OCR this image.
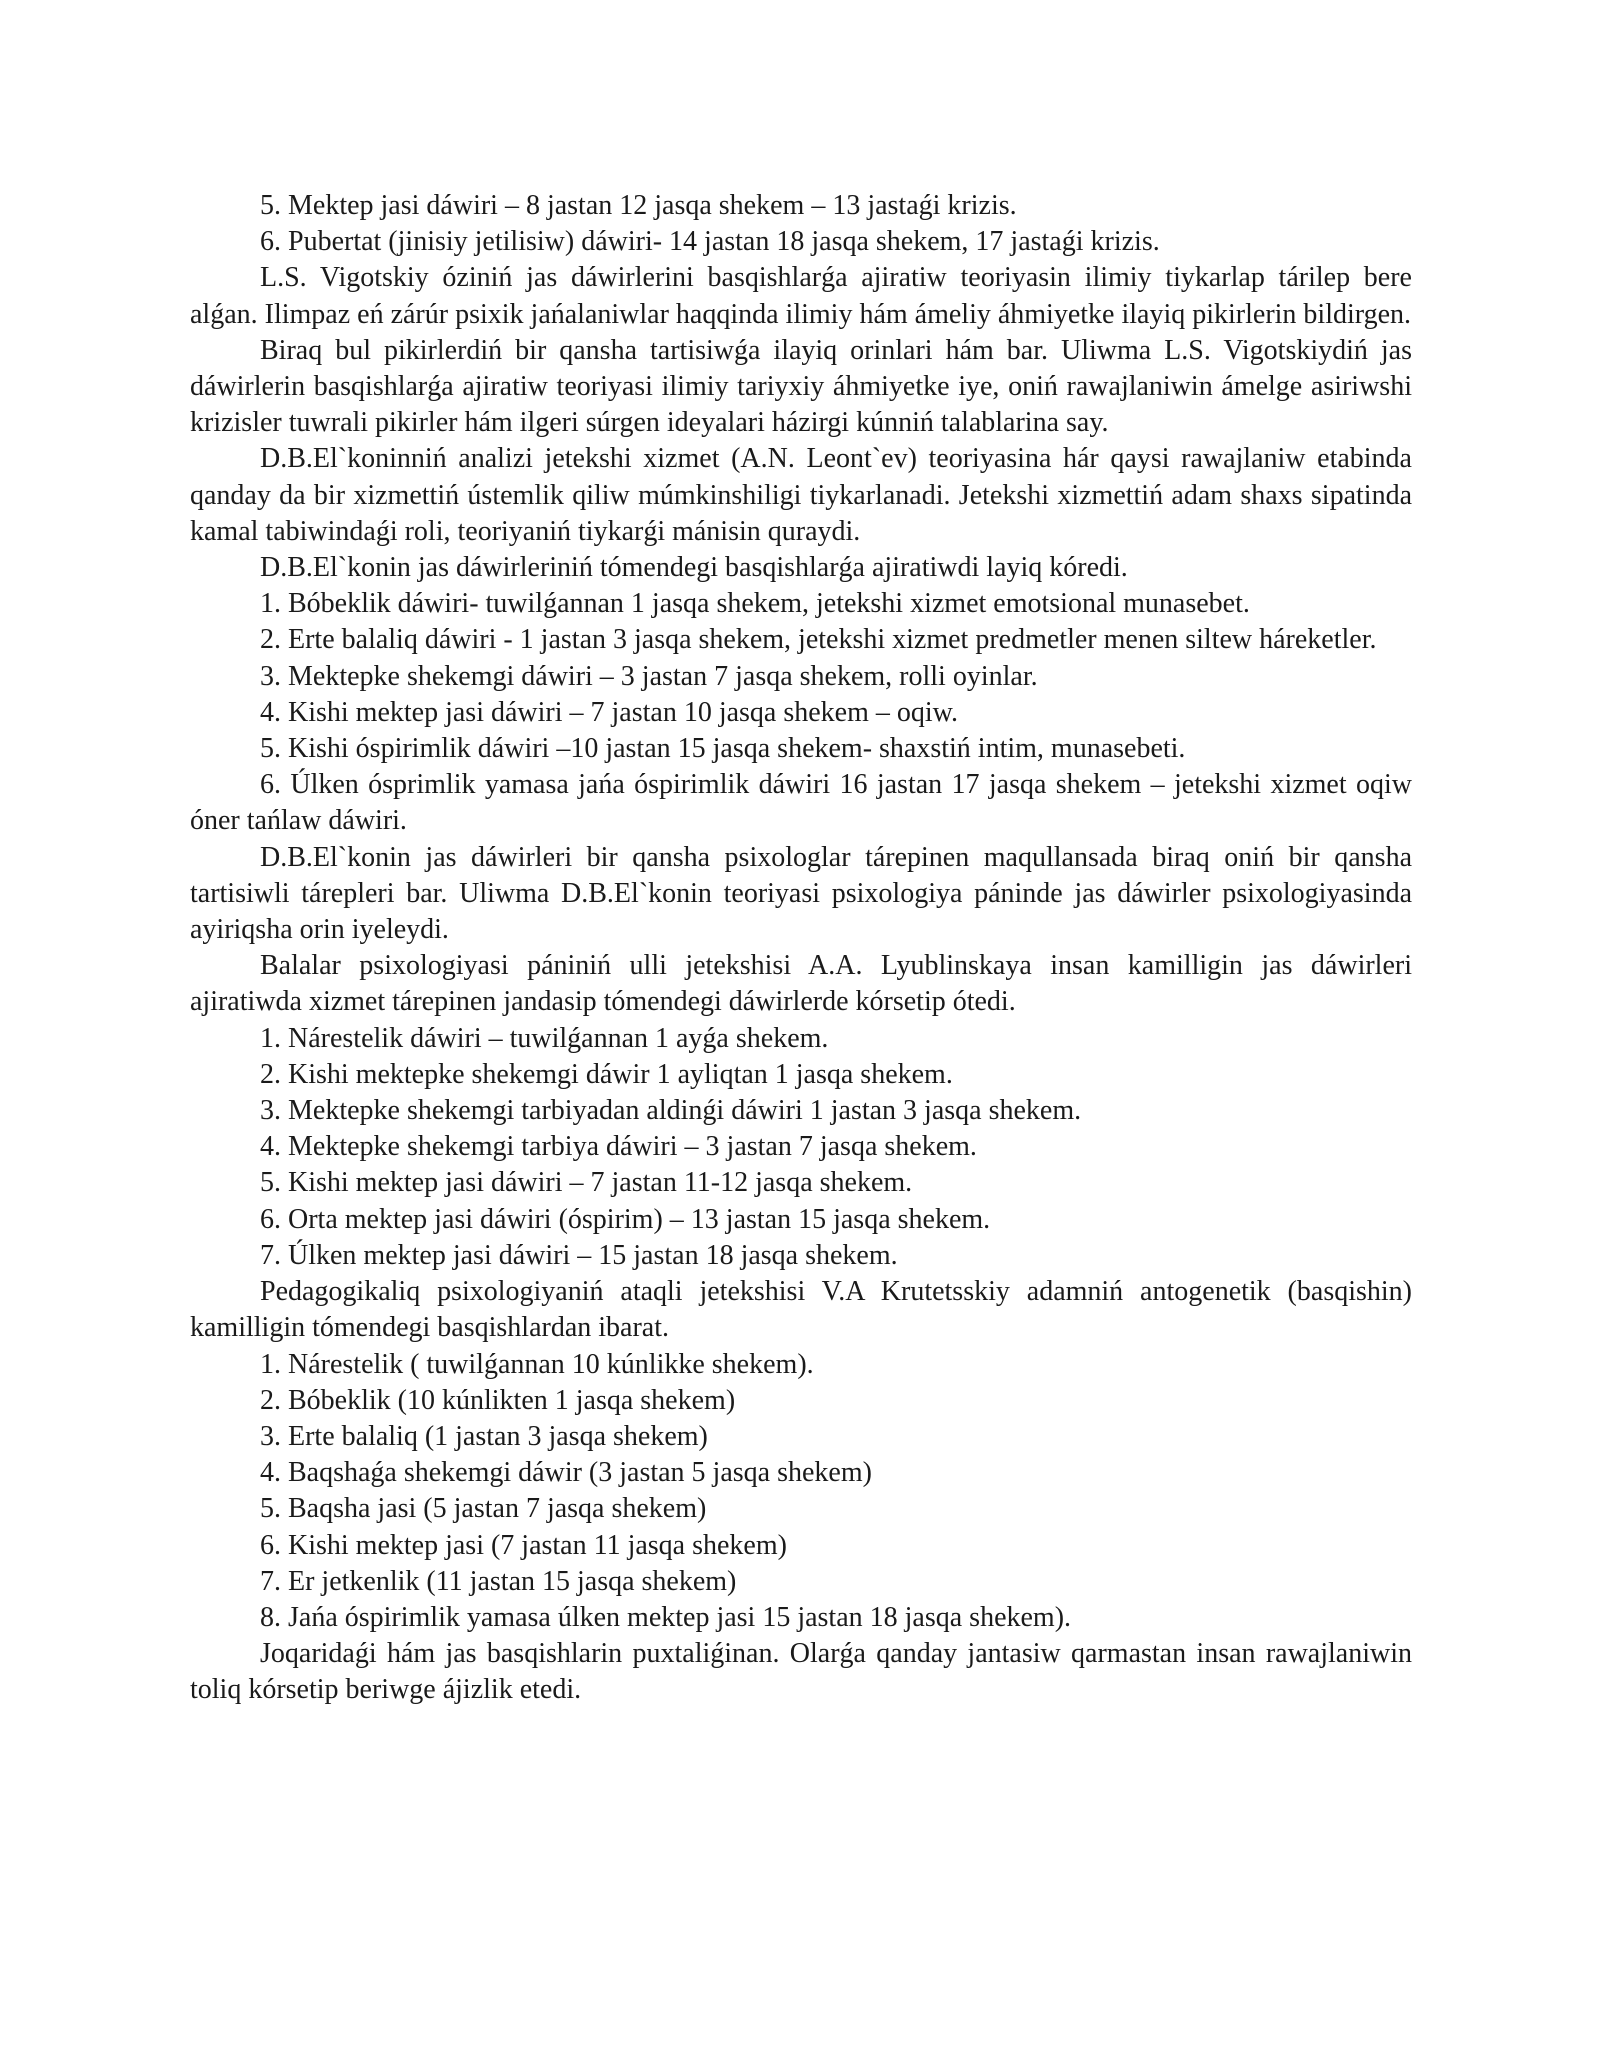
5. Mektep jasi dáwiri – 8 jastan 12 jasqa shekem – 13 jastaǵi krizis.

6. Pubertat (jinisiy jetilisiw) dáwiri- 14 jastan 18 jasqa shekem, 17 jastaǵi krizis.

L.S. Vigotskiy óziniń jas dáwirlerini basqishlarǵa ajiratiw teoriyasin ilimiy tiykarlap tárilep bere alǵan. Ilimpaz eń zárúr psixik jańalaniwlar haqqinda ilimiy hám ámeliy áhmiyetke ilayiq pikirlerin bildirgen.

Biraq bul pikirlerdiń bir qansha tartisiwǵa ilayiq orinlari hám bar. Uliwma L.S. Vigotskiydiń jas dáwirlerin basqishlarǵa ajiratiw teoriyasi ilimiy tariyxiy áhmiyetke iye, oniń rawajlaniwin ámelge asiriwshi krizisler tuwrali pikirler hám ilgeri súrgen ideyalari házirgi kúnniń talablarina say.

D.B.El`koninniń analizi jetekshi xizmet (A.N. Leont`ev) teoriyasina hár qaysi rawajlaniw etabinda qanday da bir xizmettiń ústemlik qiliw múmkinshiligi tiykarlanadi. Jetekshi xizmettiń adam shaxs sipatinda kamal tabiwindaǵi roli, teoriyaniń tiykarǵi mánisin quraydi.

D.B.El`konin jas dáwirleriniń tómendegi basqishlarǵa ajiratiwdi layiq kóredi.

1. Bóbeklik dáwiri- tuwilǵannan 1 jasqa shekem, jetekshi xizmet emotsional munasebet.

2. Erte balaliq dáwiri - 1 jastan 3 jasqa shekem, jetekshi xizmet predmetler menen siltew háreketler.

3. Mektepke shekemgi dáwiri – 3 jastan 7 jasqa shekem, rolli oyinlar.

4. Kishi mektep jasi dáwiri – 7 jastan 10 jasqa shekem – oqiw.

5. Kishi óspirimlik dáwiri –10 jastan 15 jasqa shekem- shaxstiń intim, munasebeti.

6. Úlken ósprimlik yamasa jańa óspirimlik dáwiri 16 jastan 17 jasqa shekem – jetekshi xizmet oqiw óner tańlaw dáwiri.

D.B.El`konin jas dáwirleri bir qansha psixologlar tárepinen maqullansada biraq oniń bir qansha tartisiwli tárepleri bar. Uliwma D.B.El`konin teoriyasi psixologiya páninde jas dáwirler psixologiyasinda ayiriqsha orin iyeleydi.

Balalar psixologiyasi pániniń ulli jetekshisi A.A. Lyublinskaya insan kamilligin jas dáwirleri ajiratiwda xizmet tárepinen jandasip tómendegi dáwirlerde kórsetip ótedi.

1. Nárestelik dáwiri – tuwilǵannan 1 ayǵa shekem.

2. Kishi mektepke shekemgi dáwir 1 ayliqtan 1 jasqa shekem.

3. Mektepke shekemgi tarbiyadan aldinǵi dáwiri 1 jastan 3 jasqa shekem.

4. Mektepke shekemgi tarbiya dáwiri – 3 jastan 7 jasqa shekem.

5. Kishi mektep jasi dáwiri – 7 jastan 11-12 jasqa shekem.

6. Orta mektep jasi dáwiri (óspirim) – 13 jastan 15 jasqa shekem.

7. Úlken mektep jasi dáwiri – 15 jastan 18 jasqa shekem.

Pedagogikaliq psixologiyaniń ataqli jetekshisi V.A Krutetsskiy adamniń antogenetik (basqishin) kamilligin tómendegi basqishlardan ibarat.

1. Nárestelik ( tuwilǵannan 10 kúnlikke shekem).

2. Bóbeklik (10 kúnlikten 1 jasqa shekem)

3. Erte balaliq (1 jastan 3 jasqa shekem)

4. Baqshaǵa shekemgi dáwir (3 jastan 5 jasqa shekem)

5. Baqsha jasi (5 jastan 7 jasqa shekem)

6. Kishi mektep jasi (7 jastan 11 jasqa shekem)

7. Er jetkenlik (11 jastan 15 jasqa shekem)

8. Jańa óspirimlik yamasa úlken mektep jasi 15 jastan 18 jasqa shekem).

Joqaridaǵi hám jas basqishlarin puxtaliǵinan. Olarǵa qanday jantasiw qarmastan insan rawajlaniwin toliq kórsetip beriwge ájizlik etedi.
